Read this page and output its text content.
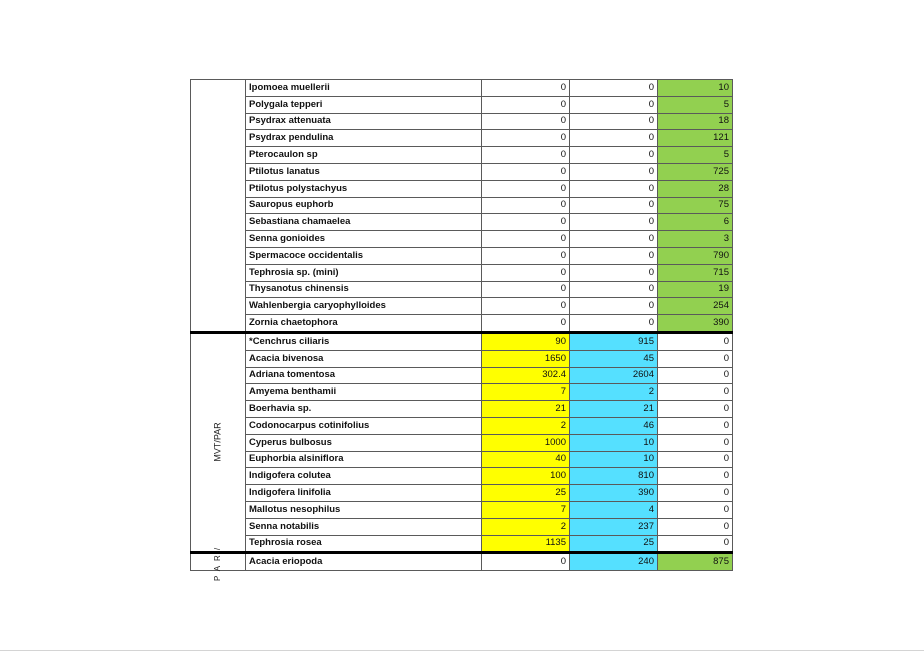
	Ipomoea muellerii	0	0	10
	Polygala tepperi	0	0	5
	Psydrax attenuata	0	0	18
	Psydrax pendulina	0	0	121
	Pterocaulon sp	0	0	5
	Ptilotus lanatus	0	0	725
	Ptilotus polystachyus	0	0	28
	Sauropus euphorb	0	0	75
	Sebastiana chamaelea	0	0	6
	Senna gonioides	0	0	3
	Spermacoce occidentalis	0	0	790
	Tephrosia sp. (mini)	0	0	715
	Thysanotus chinensis	0	0	19
	Wahlenbergia caryophylloides	0	0	254
	Zornia chaetophora	0	0	390
MVT/PAR	*Cenchrus ciliaris	90	915	0
	Acacia bivenosa	1650	45	0
	Adriana tomentosa	302.4	2604	0
	Amyema benthamii	7	2	0
	Boerhavia sp.	21	21	0
	Codonocarpus cotinifolius	2	46	0
	Cyperus bulbosus	1000	10	0
	Euphorbia alsiniflora	40	10	0
	Indigofera colutea	100	810	0
	Indigofera linifolia	25	390	0
	Mallotus nesophilus	7	4	0
	Senna notabilis	2	237	0
	Tephrosia rosea	1135	25	0
PAR/	Acacia eriopoda	0	240	875
